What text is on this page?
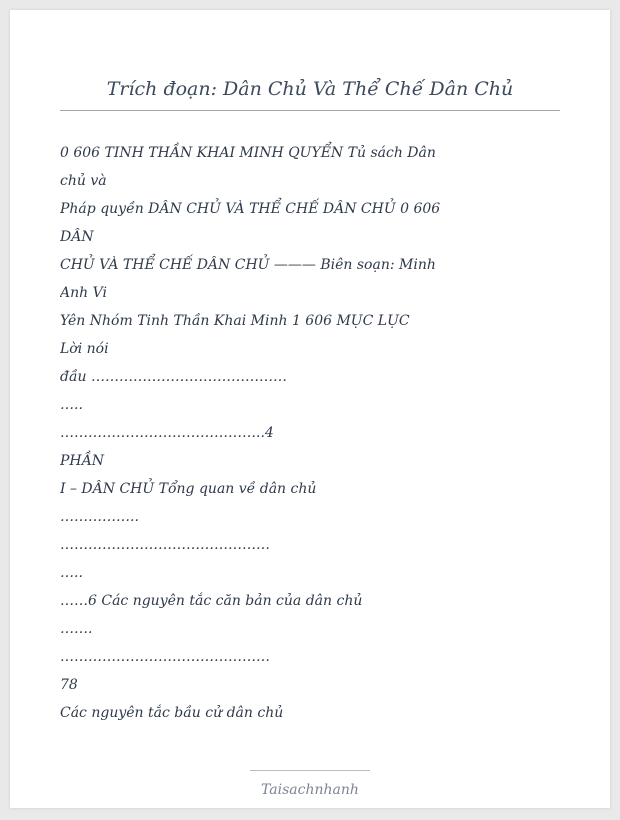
Trích đoạn: Dân Chủ Và Thể Chế Dân Chủ
0 606 TINH THẦN KHAI MINH QUYỂN Tủ sách Dân
chủ và
Pháp quyền DÂN CHỦ VÀ THỂ CHẾ DÂN CHỦ 0 606
DÂN
CHỦ VÀ THỂ CHẾ DÂN CHỦ ——— Biên soạn: Minh
Anh Vi
Yên Nhóm Tinh Thần Khai Minh 1 606 MỤC LỤC
Lời nói
đầu ……………………………………
…..
……………………………………..4
PHẦN
I – DÂN CHỦ Tổng quan về dân chủ
……………..
………………………………………
…..
……6 Các nguyên tắc căn bản của dân chủ
…….
………………………………………
78
Các nguyên tắc bầu cử dân chủ
Taisachnhanh
